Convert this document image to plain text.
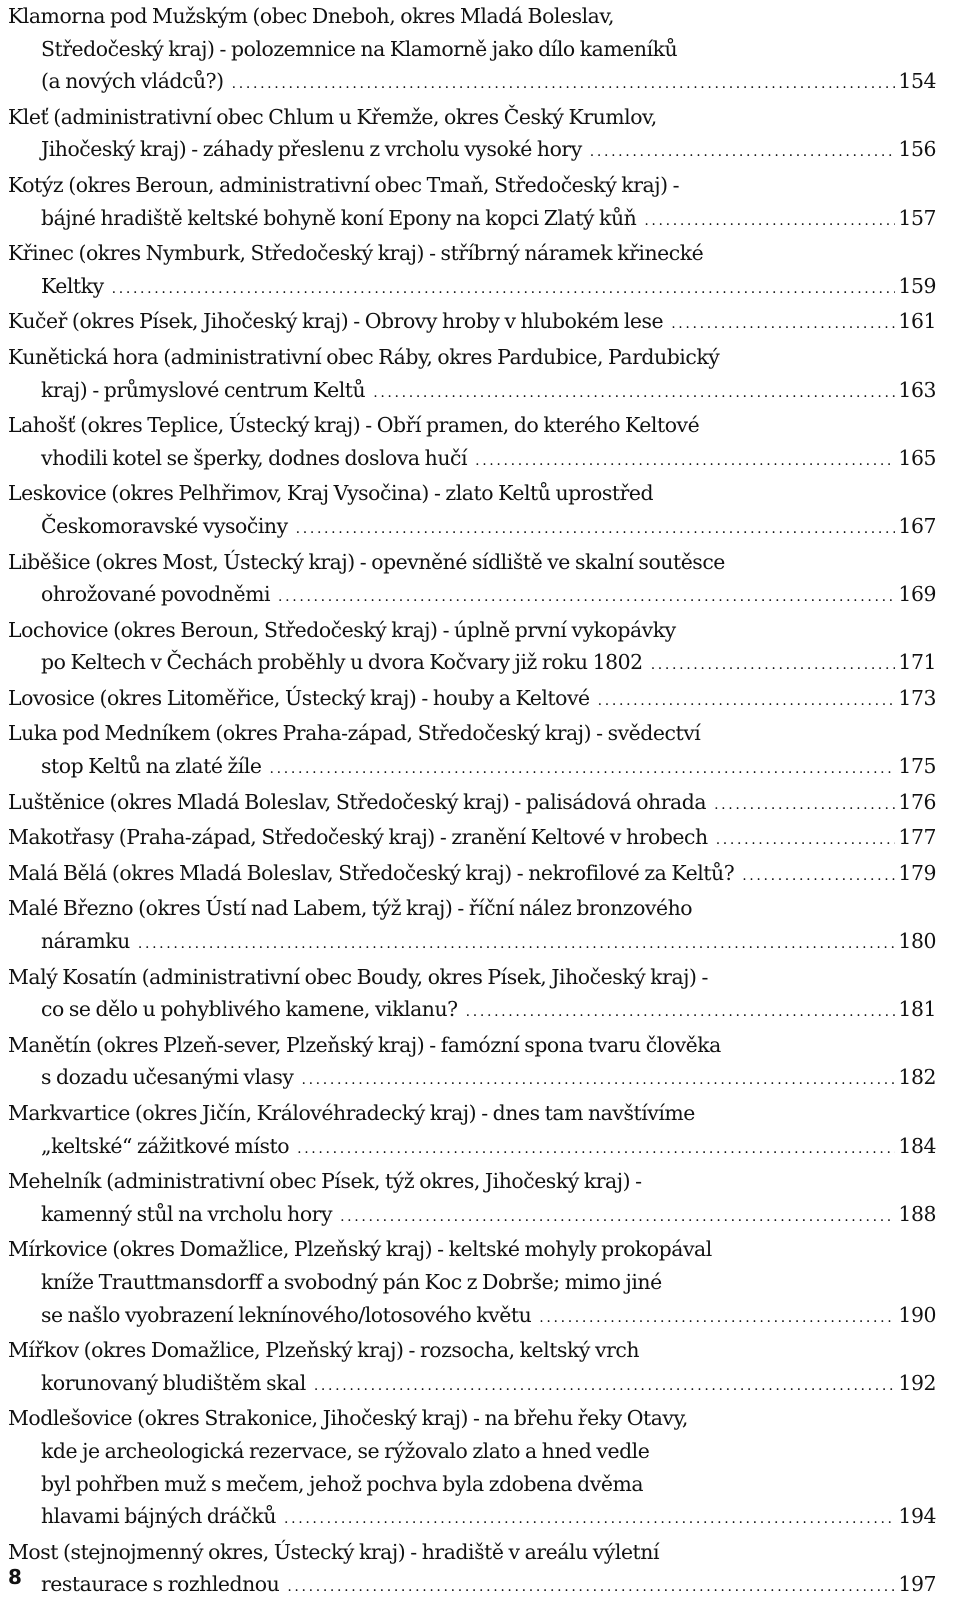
Klamorna pod Mužským (obec Dneboh, okres Mladá Boleslav,
Středočeský kraj) - polozemnice na Klamorně jako dílo kameníků
(a nových vládců?) . . .	154
Kleť (administrativní obec Chlum u Křemže, okres Český Krumlov,
Jihočeský kraj) - záhady přeslenu z vrcholu vysoké hory . . .	156
Kotýz (okres Beroun, administrativní obec Tmaň, Středočeský kraj) -
bájné hradiště keltské bohyně koní Epony na kopci Zlatý kůň . . .	157
Křinec (okres Nymburk, Středočeský kraj) - stříbrný náramek křinecké
Keltky . . .	159
Kučeř (okres Písek, Jihočeský kraj) - Obrovy hroby v hlubokém lese . . .	161
Kunětická hora (administrativní obec Ráby, okres Pardubice, Pardubický
kraj) - průmyslové centrum Keltů . . .	163
Lahošť (okres Teplice, Ústecký kraj) - Obří pramen, do kterého Keltové
vhodili kotel se šperky, dodnes doslova hučí . . .	165
Leskovice (okres Pelhřimov, Kraj Vysočina) - zlato Keltů uprostřed
Českomoravské vysočiny . . .	167
Liběšice (okres Most, Ústecký kraj) - opevněné sídliště ve skalní soutěsce
ohrožované povodněmi . . .	169
Lochovice (okres Beroun, Středočeský kraj) - úplně první vykopávky
po Keltech v Čechách proběhly u dvora Kočvary již roku 1802 . . .	171
Lovosice (okres Litoměřice, Ústecký kraj) - houby a Keltové . . .	173
Luka pod Medníkem (okres Praha-západ, Středočeský kraj) - svědectví
stop Keltů na zlaté žíle . . .	175
Luštěnice (okres Mladá Boleslav, Středočeský kraj) - palisádová ohrada . . .	176
Makotřasy (Praha-západ, Středočeský kraj) - zranění Keltové v hrobech . . .	177
Malá Bělá (okres Mladá Boleslav, Středočeský kraj) - nekrofilové za Keltů? . . .	179
Malé Březno (okres Ústí nad Labem, týž kraj) - říční nález bronzového
náramku . . .	180
Malý Kosatín (administrativní obec Boudy, okres Písek, Jihočeský kraj) -
co se dělo u pohyblivého kamene, viklanu? . . .	181
Manětín (okres Plzeň-sever, Plzeňský kraj) - famózní spona tvaru člověka
s dozadu učesanými vlasy . . .	182
Markvartice (okres Jičín, Královéhradecký kraj) - dnes tam navštívíme
„keltské“ zážitkové místo . . .	184
Mehelník (administrativní obec Písek, týž okres, Jihočeský kraj) -
kamenný stůl na vrcholu hory . . .	188
Mírkovice (okres Domažlice, Plzeňský kraj) - keltské mohyly prokopával
kníže Trauttmansdorff a svobodný pán Koc z Dobrše; mimo jiné
se našlo vyobrazení leknínového/lotosového květu . . .	190
Mířkov (okres Domažlice, Plzeňský kraj) - rozsocha, keltský vrch
korunovaný bludištěm skal . . .	192
Modlešovice (okres Strakonice, Jihočeský kraj) - na břehu řeky Otavy,
kde je archeologická rezervace, se rýžovalo zlato a hned vedle
byl pohřben muž s mečem, jehož pochva byla zdobena dvěma
hlavami bájných dráčků . . .	194
Most (stejnojmenný okres, Ústecký kraj) - hradiště v areálu výletní
restaurace s rozhlednou . . .	197
8
